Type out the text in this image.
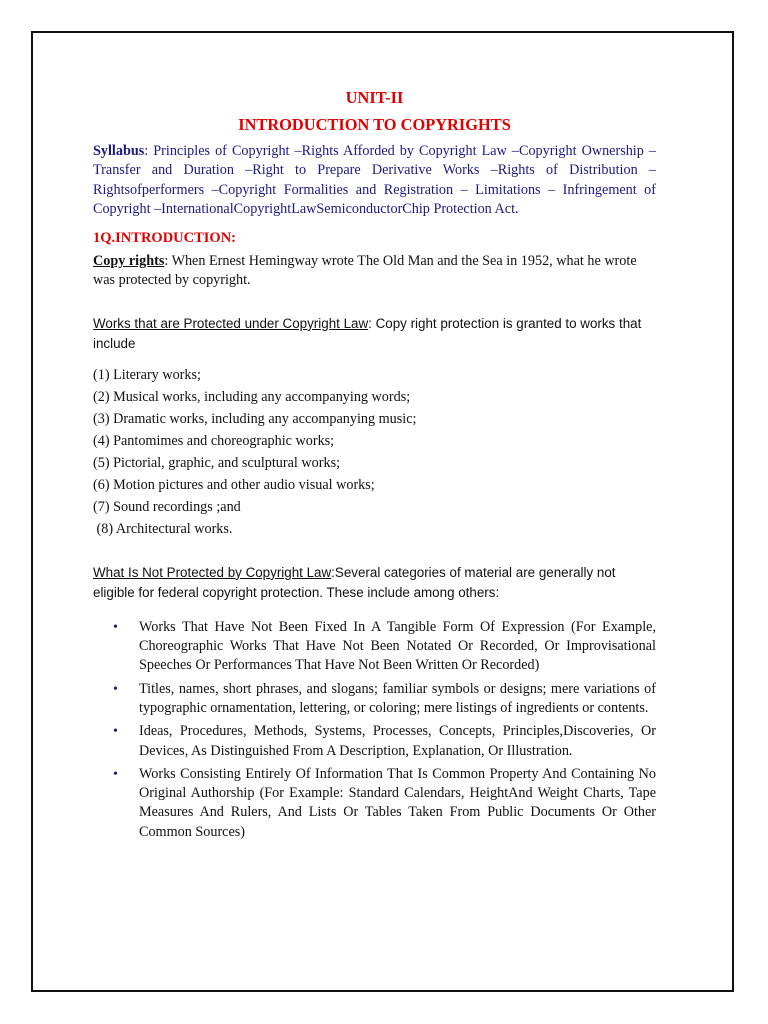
UNIT-II
INTRODUCTION TO COPYRIGHTS

Syllabus: Principles of Copyright –Rights Afforded by Copyright Law –Copyright Ownership – Transfer and Duration –Right to Prepare Derivative Works –Rights of Distribution – Rightsofperformers –Copyright Formalities and Registration – Limitations – Infringement of Copyright –InternationalCopyrightLawSemiconductorChip Protection Act.

1Q.INTRODUCTION:

Copy rights: When Ernest Hemingway wrote The Old Man and the Sea in 1952, what he wrote was protected by copyright.

Works that are Protected under Copyright Law: Copy right protection is granted to works that include

(1) Literary works;
(2) Musical works, including any accompanying words;
(3) Dramatic works, including any accompanying music;
(4) Pantomimes and choreographic works;
(5) Pictorial, graphic, and sculptural works;
(6) Motion pictures and other audio visual works;
(7) Sound recordings ;and
(8) Architectural works.

What Is Not Protected by Copyright Law:Several categories of material are generally not eligible for federal copyright protection. These include among others:

• Works That Have Not Been Fixed In A Tangible Form Of Expression (For Example, Choreographic Works That Have Not Been Notated Or Recorded, Or Improvisational Speeches Or Performances That Have Not Been Written Or Recorded)
• Titles, names, short phrases, and slogans; familiar symbols or designs; mere variations of typographic ornamentation, lettering, or coloring; mere listings of ingredients or contents.
• Ideas, Procedures, Methods, Systems, Processes, Concepts, Principles,Discoveries, Or Devices, As Distinguished From A Description, Explanation, Or Illustration.
• Works Consisting Entirely Of Information That Is Common Property And Containing No Original Authorship (For Example: Standard Calendars, HeightAnd Weight Charts, Tape Measures And Rulers, And Lists Or Tables Taken From Public Documents Or Other Common Sources)
